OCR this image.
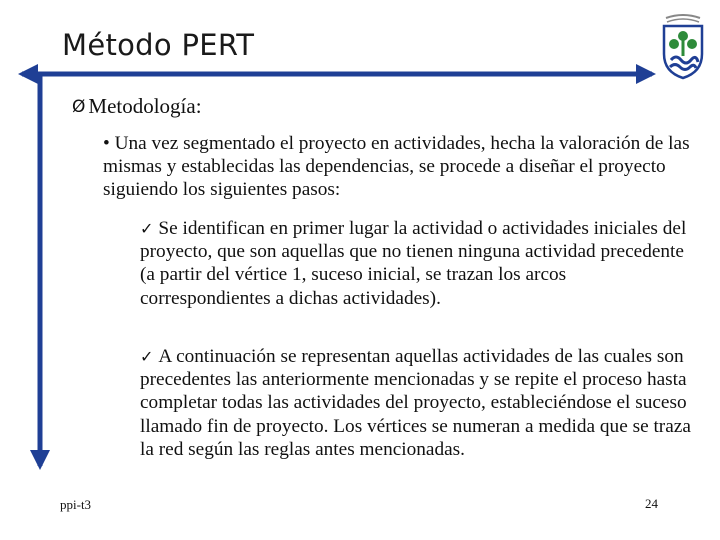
Método PERT
Ø Metodología:
• Una vez segmentado el proyecto en actividades, hecha la valoración de las mismas y establecidas las dependencias, se procede a diseñar el proyecto siguiendo los siguientes pasos:
✓ Se identifican en primer lugar la actividad o actividades iniciales del proyecto, que son aquellas que no tienen ninguna actividad precedente (a partir del vértice 1, suceso inicial, se trazan los arcos correspondientes a dichas actividades).
✓ A continuación se representan aquellas actividades de las cuales son precedentes las anteriormente mencionadas y se repite el proceso hasta completar todas las actividades del proyecto, estableciéndose el suceso llamado fin de proyecto. Los vértices se numeran a medida que se traza la red según las reglas antes mencionadas.
ppi-t3	24
